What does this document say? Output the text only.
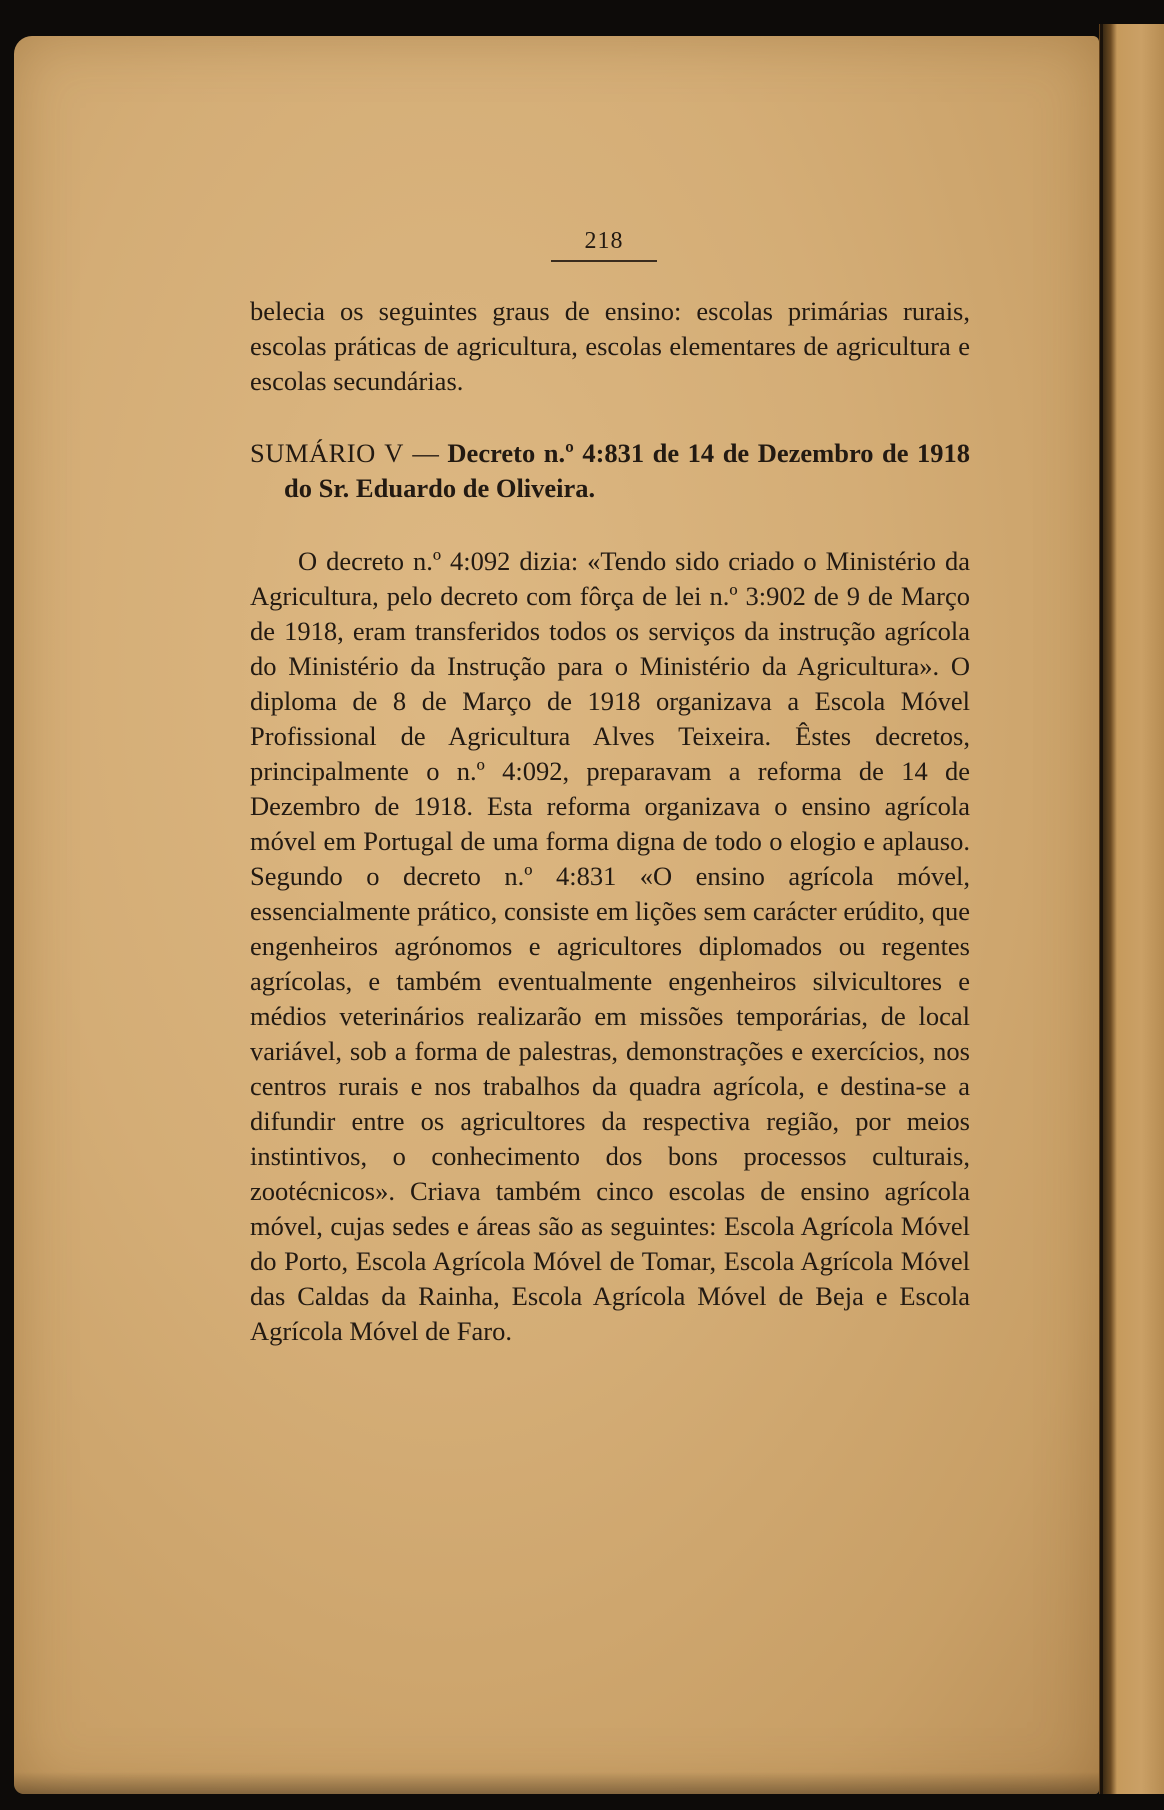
218

belecia os seguintes graus de ensino: escolas primárias rurais, escolas práticas de agricultura, escolas elementares de agricultura e escolas secundárias.

SUMÁRIO V — Decreto n.º 4:831 de 14 de Dezembro de 1918 do Sr. Eduardo de Oliveira.

O decreto n.º 4:092 dizia: «Tendo sido criado o Ministério da Agricultura, pelo decreto com fôrça de lei n.º 3:902 de 9 de Março de 1918, eram transferidos todos os serviços da instrução agrícola do Ministério da Instrução para o Ministério da Agricultura». O diploma de 8 de Março de 1918 organizava a Escola Móvel Profissional de Agricultura Alves Teixeira. Êstes decretos, principalmente o n.º 4:092, preparavam a reforma de 14 de Dezembro de 1918. Esta reforma organizava o ensino agrícola móvel em Portugal de uma forma digna de todo o elogio e aplauso. Segundo o decreto n.º 4:831 «O ensino agrícola móvel, essencialmente prático, consiste em lições sem carácter erúdito, que engenheiros agrónomos e agricultores diplomados ou regentes agrícolas, e também eventualmente engenheiros silvicultores e médios veterinários realizarão em missões temporárias, de local variável, sob a forma de palestras, demonstrações e exercícios, nos centros rurais e nos trabalhos da quadra agrícola, e destina-se a difundir entre os agricultores da respectiva região, por meios instintivos, o conhecimento dos bons processos culturais, zootécnicos». Criava também cinco escolas de ensino agrícola móvel, cujas sedes e áreas são as seguintes: Escola Agrícola Móvel do Porto, Escola Agrícola Móvel de Tomar, Escola Agrícola Móvel das Caldas da Rainha, Escola Agrícola Móvel de Beja e Escola Agrícola Móvel de Faro.
